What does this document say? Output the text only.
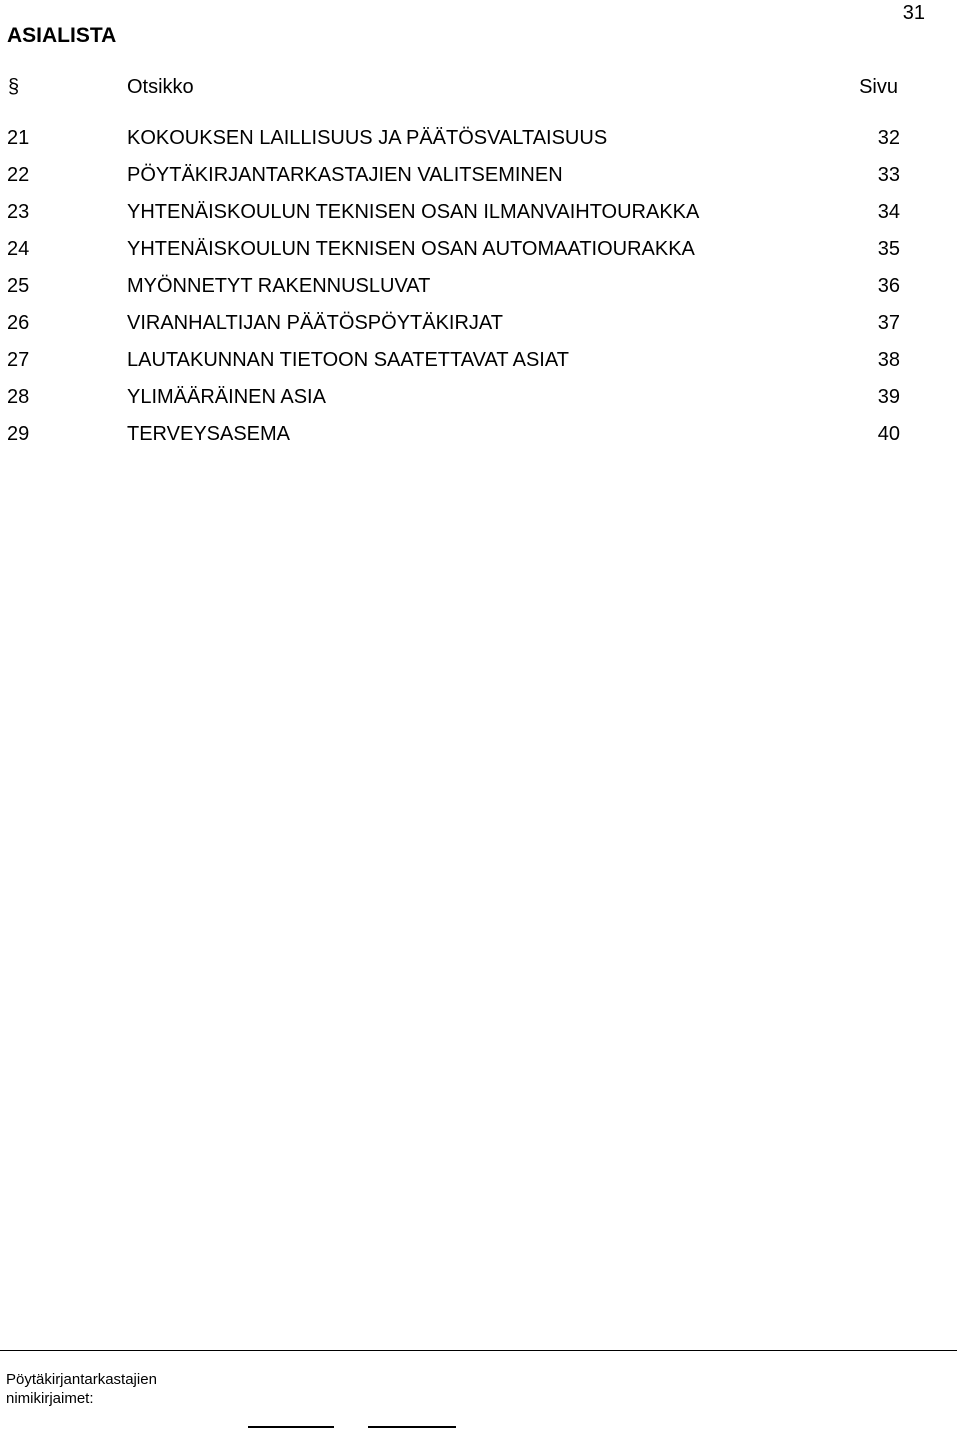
31
ASIALISTA
§	Otsikko	Sivu
21	KOKOUKSEN LAILLISUUS JA PÄÄTÖSVALTAISUUS	32
22	PÖYTÄKIRJANTARKASTAJIEN VALITSEMINEN	33
23	YHTENÄISKOULUN TEKNISEN OSAN ILMANVAIHTOURAKKA	34
24	YHTENÄISKOULUN TEKNISEN OSAN AUTOMAATIOURAKKA	35
25	MYÖNNETYT RAKENNUSLUVAT	36
26	VIRANHALTIJAN PÄÄTÖSPÖYTÄKIRJAT	37
27	LAUTAKUNNAN TIETOON SAATETTAVAT ASIAT	38
28	YLIMÄÄRÄINEN ASIA	39
29	TERVEYSASEMA	40
Pöytäkirjantarkastajien
nimikirjaimet:
